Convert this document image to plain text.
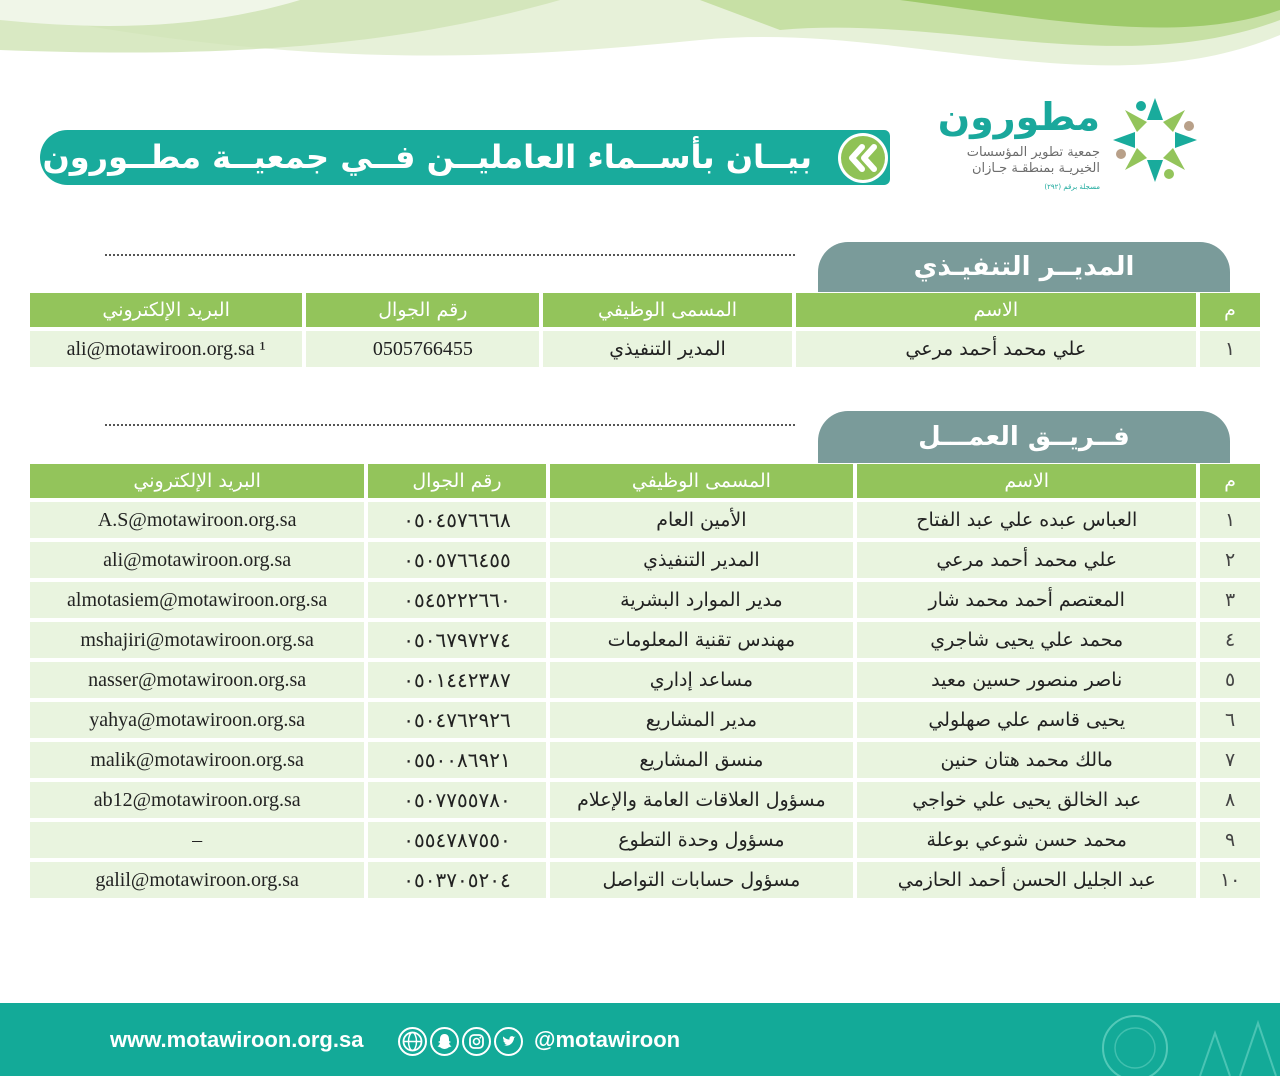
مطورون
جمعية تطوير المؤسسات
الخيريـة بمنطقـة جـازان
مسجلة برقم (٢٩٢)
بيــان بأســماء العامليــن فــي جمعيــة مطــورون
المديــر التنفيـذي
م	الاسم	المسمى الوظيفي	رقم الجوال	البريد الإلكتروني
١	علي محمد أحمد مرعي	المدير التنفيذي	0505766455	ali@motawiroon.org.sa ¹
فــريــق العمـــل
م	الاسم	المسمى الوظيفي	رقم الجوال	البريد الإلكتروني
١	العباس عبده علي عبد الفتاح	الأمين العام	٠٥٠٤٥٧٦٦٦٨	A.S@motawiroon.org.sa
٢	علي محمد أحمد مرعي	المدير التنفيذي	٠٥٠٥٧٦٦٤٥٥	ali@motawiroon.org.sa
٣	المعتصم أحمد محمد شار	مدير الموارد البشرية	٠٥٤٥٢٢٢٦٦٠	almotasiem@motawiroon.org.sa
٤	محمد علي يحيى شاجري	مهندس تقنية المعلومات	٠٥٠٦٧٩٧٢٧٤	mshajiri@motawiroon.org.sa
٥	ناصر منصور حسين معيد	مساعد إداري	٠٥٠١٤٤٢٣٨٧	nasser@motawiroon.org.sa
٦	يحيى قاسم علي صهلولي	مدير المشاريع	٠٥٠٤٧٦٢٩٢٦	yahya@motawiroon.org.sa
٧	مالك محمد هتان حنين	منسق المشاريع	٠٥٥٠٠٨٦٩٢١	malik@motawiroon.org.sa
٨	عبد الخالق يحيى علي خواجي	مسؤول العلاقات العامة والإعلام	٠٥٠٧٧٥٥٧٨٠	ab12@motawiroon.org.sa
٩	محمد حسن شوعي بوعلة	مسؤول وحدة التطوع	٠٥٥٤٧٨٧٥٥٠	–
١٠	عبد الجليل الحسن أحمد الحازمي	مسؤول حسابات التواصل	٠٥٠٣٧٠٥٢٠٤	galil@motawiroon.org.sa
www.motawiroon.org.sa	@motawiroon
